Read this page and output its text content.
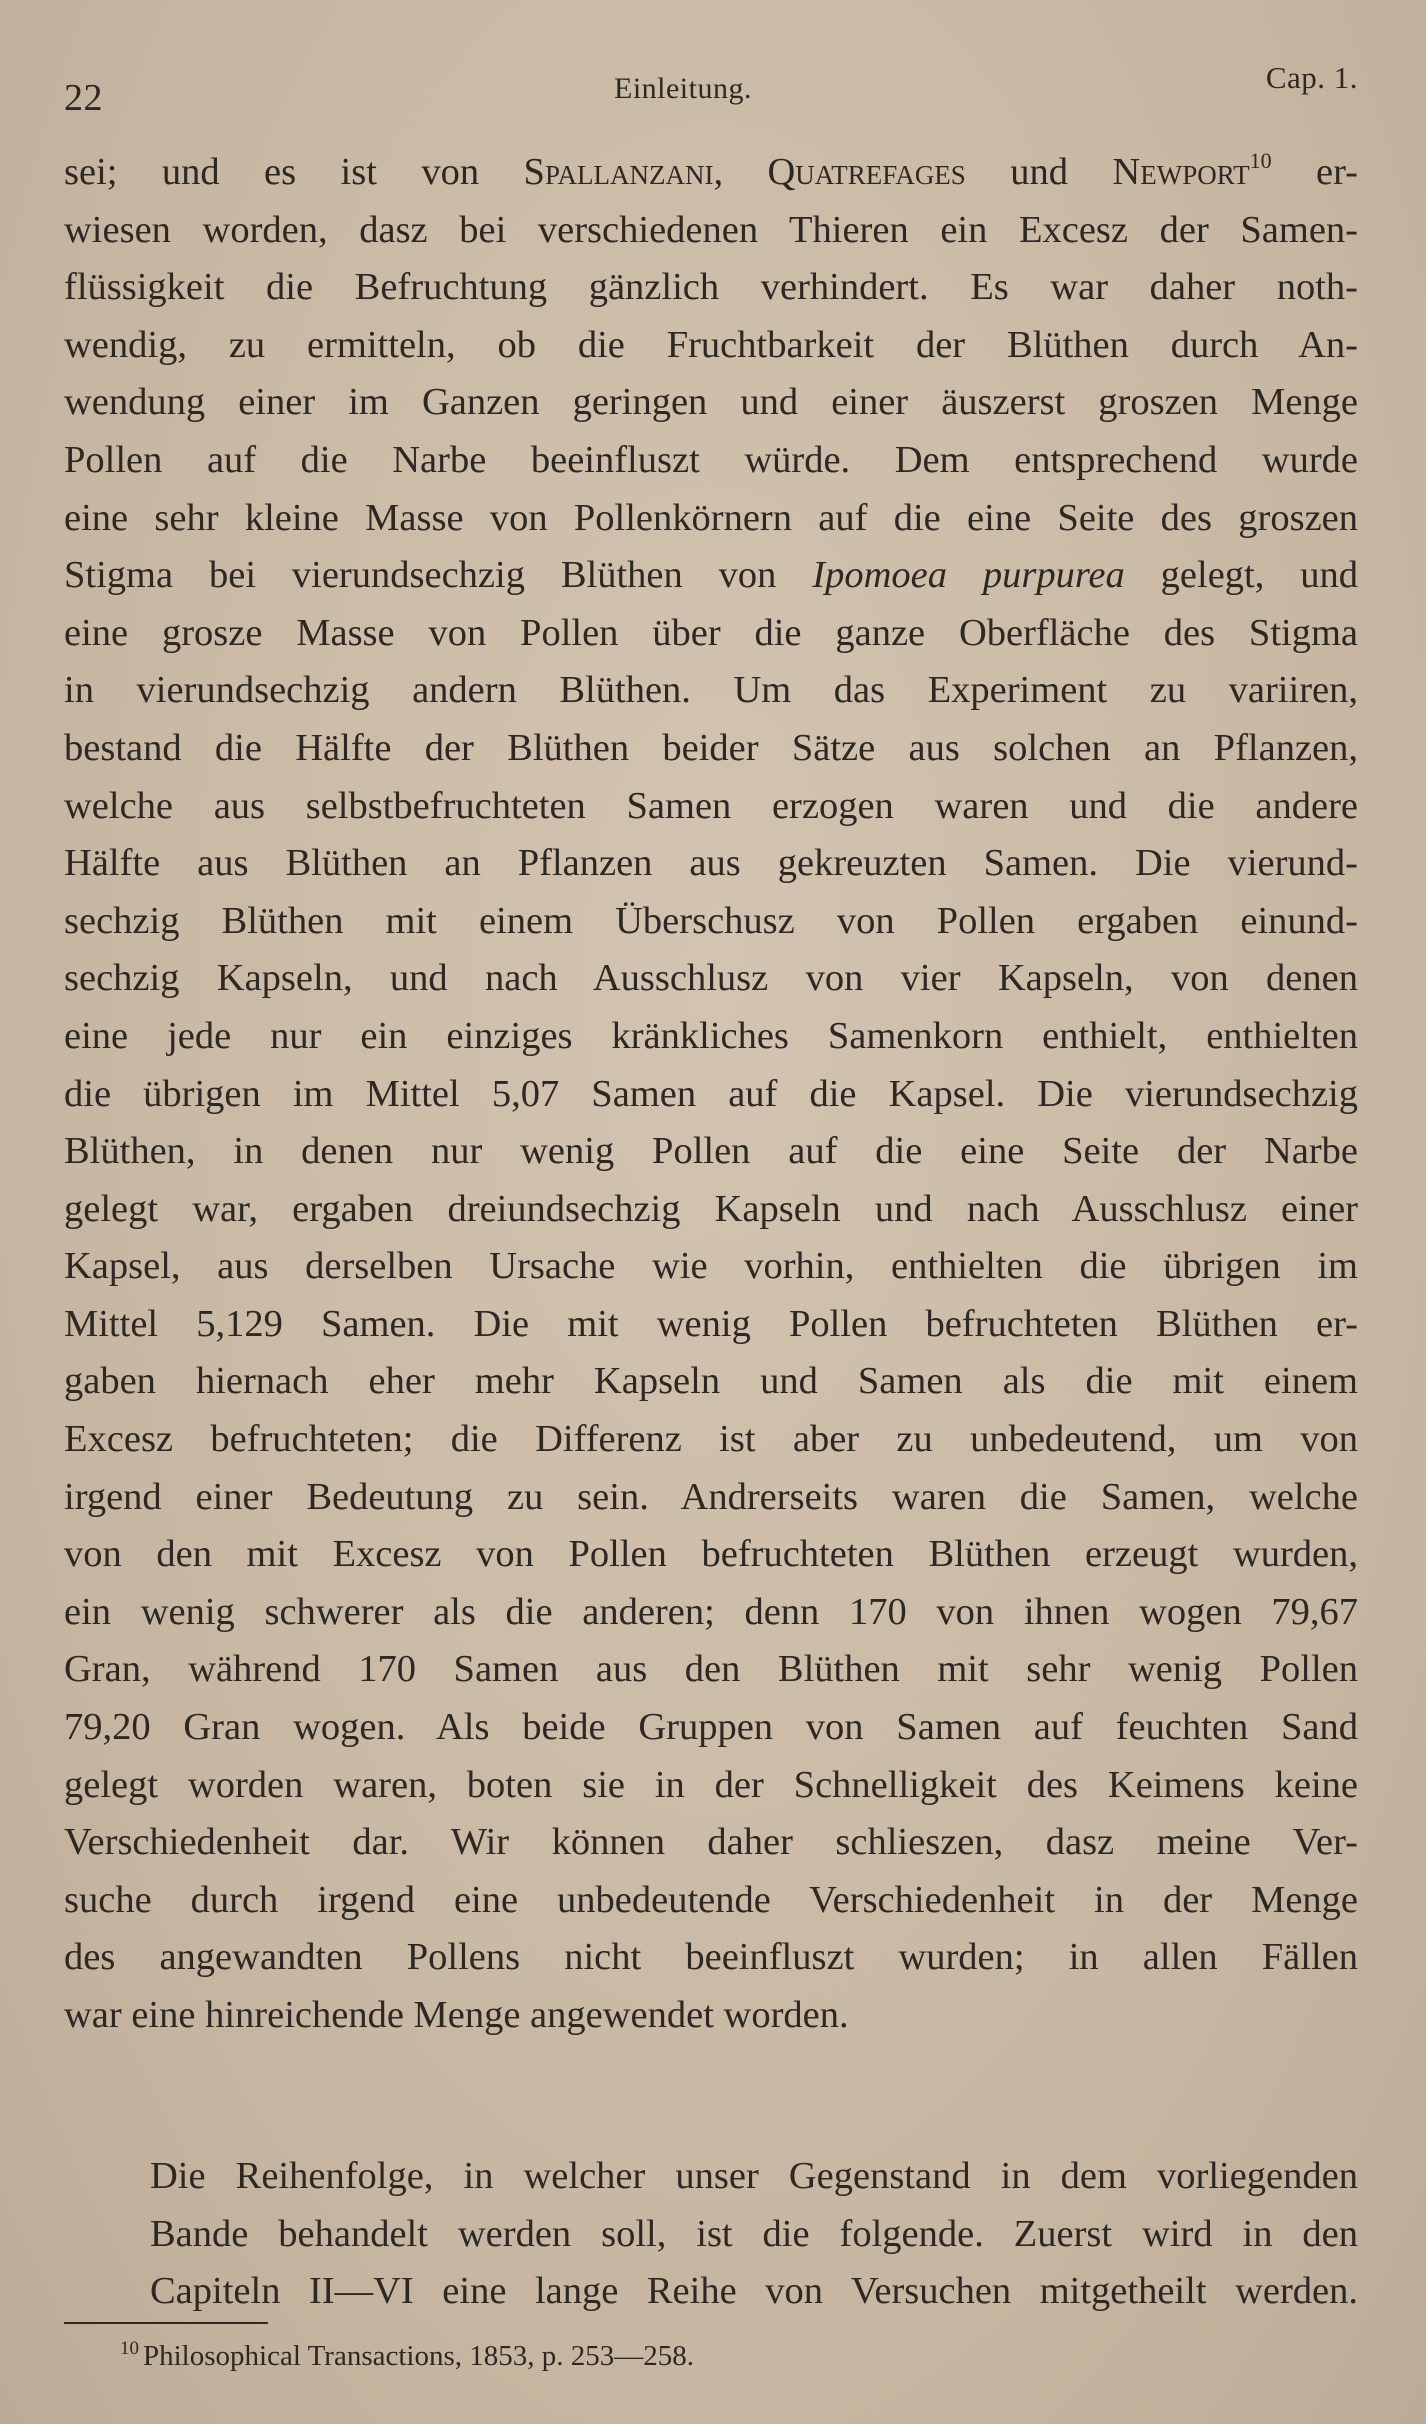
22	Einleitung.	Cap. 1.

sei; und es ist von Spallanzani, Quatrefages und Newport$^{10}$ er-
wiesen worden, dasz bei verschiedenen Thieren ein Excesz der Samen-
flüssigkeit die Befruchtung gänzlich verhindert. Es war daher noth-
wendig, zu ermitteln, ob die Fruchtbarkeit der Blüthen durch An-
wendung einer im Ganzen geringen und einer äuszerst groszen Menge
Pollen auf die Narbe beeinfluszt würde. Dem entsprechend wurde
eine sehr kleine Masse von Pollenkörnern auf die eine Seite des groszen
Stigma bei vierundsechzig Blüthen von Ipomoea purpurea gelegt, und
eine grosze Masse von Pollen über die ganze Oberfläche des Stigma
in vierundsechzig andern Blüthen. Um das Experiment zu variiren,
bestand die Hälfte der Blüthen beider Sätze aus solchen an Pflanzen,
welche aus selbstbefruchteten Samen erzogen waren und die andere
Hälfte aus Blüthen an Pflanzen aus gekreuzten Samen. Die vierund-
sechzig Blüthen mit einem Überschusz von Pollen ergaben einund-
sechzig Kapseln, und nach Ausschlusz von vier Kapseln, von denen
eine jede nur ein einziges kränkliches Samenkorn enthielt, enthielten
die übrigen im Mittel 5,07 Samen auf die Kapsel. Die vierundsechzig
Blüthen, in denen nur wenig Pollen auf die eine Seite der Narbe
gelegt war, ergaben dreiundsechzig Kapseln und nach Ausschlusz einer
Kapsel, aus derselben Ursache wie vorhin, enthielten die übrigen im
Mittel 5,129 Samen. Die mit wenig Pollen befruchteten Blüthen er-
gaben hiernach eher mehr Kapseln und Samen als die mit einem
Excesz befruchteten; die Differenz ist aber zu unbedeutend, um von
irgend einer Bedeutung zu sein. Andrerseits waren die Samen, welche
von den mit Excesz von Pollen befruchteten Blüthen erzeugt wurden,
ein wenig schwerer als die anderen; denn 170 von ihnen wogen 79,67
Gran, während 170 Samen aus den Blüthen mit sehr wenig Pollen
79,20 Gran wogen. Als beide Gruppen von Samen auf feuchten Sand
gelegt worden waren, boten sie in der Schnelligkeit des Keimens keine
Verschiedenheit dar. Wir können daher schlieszen, dasz meine Ver-
suche durch irgend eine unbedeutende Verschiedenheit in der Menge
des angewandten Pollens nicht beeinfluszt wurden; in allen Fällen
war eine hinreichende Menge angewendet worden.

Die Reihenfolge, in welcher unser Gegenstand in dem vorliegenden
Bande behandelt werden soll, ist die folgende. Zuerst wird in den
Capiteln II—VI eine lange Reihe von Versuchen mitgetheilt werden.

$^{10}$ Philosophical Transactions, 1853, p. 253—258.
